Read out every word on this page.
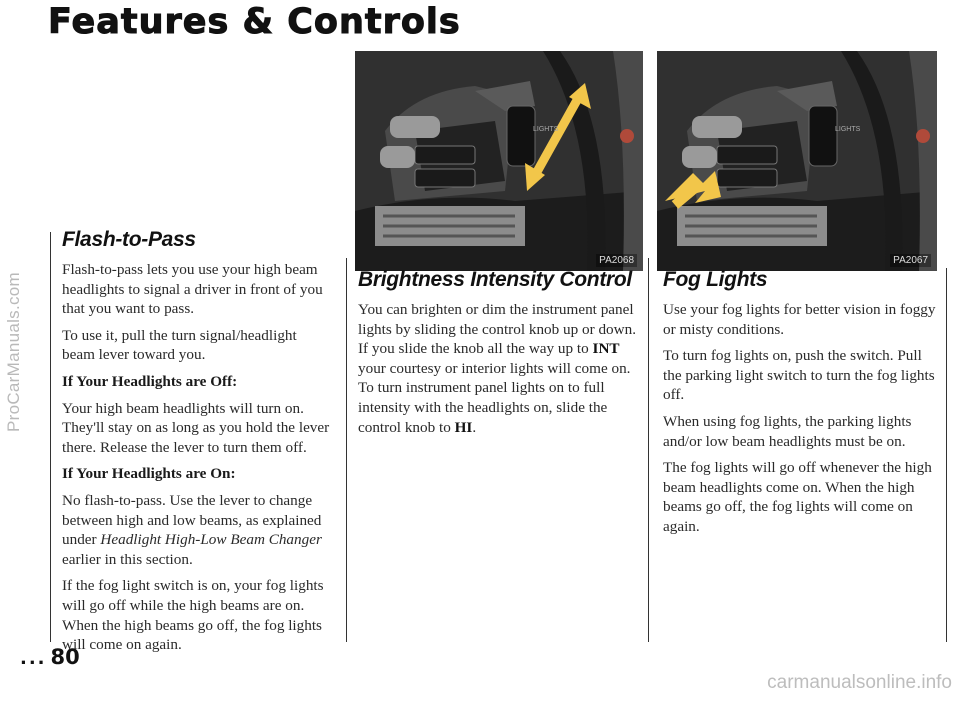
ProCarManuals.com
carmanualsonline.info
Features & Controls
LIGHTS
PA2068
LIGHTS
PA2067
Flash-to-Pass

Flash-to-pass lets you use your high beam headlights to signal a driver in front of you that you want to pass.

To use it, pull the turn signal/headlight beam lever toward you.

If Your Headlights are Off:

Your high beam headlights will turn on. They'll stay on as long as you hold the lever there. Release the lever to turn them off.

If Your Headlights are On:

No flash-to-pass. Use the lever to change between high and low beams, as explained under Headlight High-Low Beam Changer earlier in this section.

If the fog light switch is on, your fog lights will go off while the high beams are on. When the high beams go off, the fog lights will come on again.

Brightness Intensity Control

You can brighten or dim the instrument panel lights by sliding the control knob up or down. If you slide the knob all the way up to INT your courtesy or interior lights will come on. To turn instrument panel lights on to full intensity with the headlights on, slide the control knob to HI.

Fog Lights

Use your fog lights for better vision in foggy or misty conditions.

To turn fog lights on, push the switch. Pull the parking light switch to turn the fog lights off.

When using fog lights, the parking lights and/or low beam headlights must be on.

The fog lights will go off whenever the high beam headlights come on. When the high beams go off, the fog lights will come on again.

... 80
